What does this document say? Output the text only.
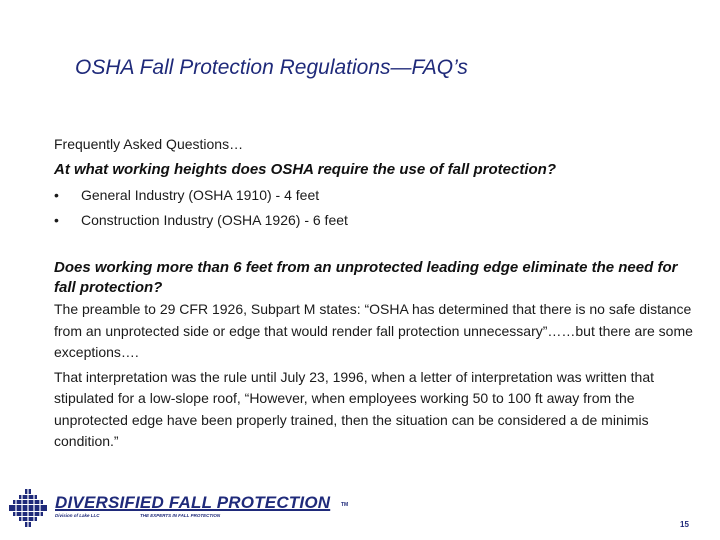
OSHA Fall Protection Regulations—FAQ’s

Frequently Asked Questions…

At what working heights does OSHA require the use of fall protection?

• General Industry (OSHA 1910) - 4 feet
• Construction Industry (OSHA 1926) - 6 feet

Does working more than 6 feet from an unprotected leading edge eliminate the need for fall protection?

The preamble to 29 CFR 1926, Subpart M states: “OSHA has determined that there is no safe distance from an unprotected side or edge that would render fall protection unnecessary”……but there are some exceptions….

That interpretation was the rule until July 23, 1996, when a letter of interpretation was written that stipulated for a low-slope roof, “However, when employees working 50 to 100 ft away from the unprotected edge have been properly trained, then the situation can be considered a de minimis condition.”

DIVERSIFIED FALL PROTECTION TM
Division of Lake LLC	THE EXPERTS IN FALL PROTECTION
15
